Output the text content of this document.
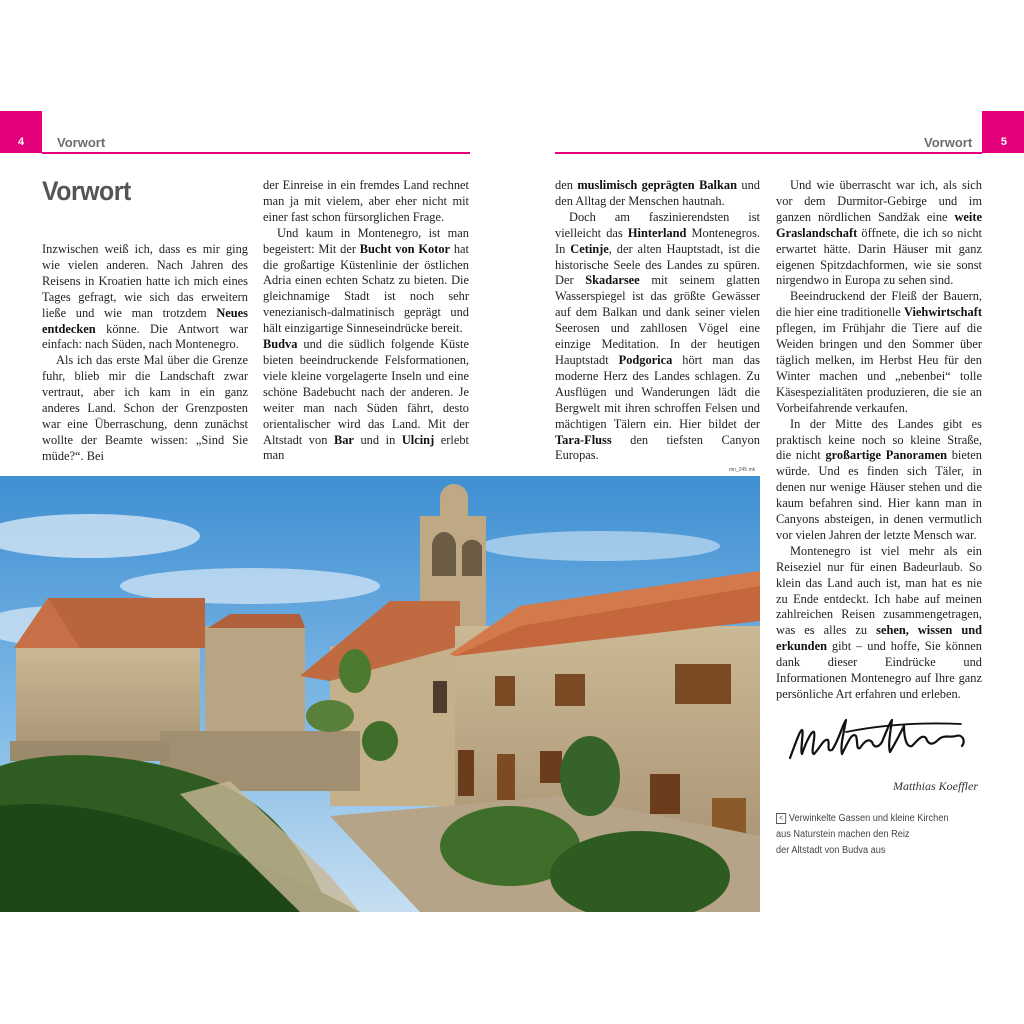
4	Vorwort	5
Vorwort
Vorwort

Inzwischen weiß ich, dass es mir ging wie vielen anderen. Nach Jahren des Reisens in Kroatien hatte ich mich eines Tages gefragt, wie sich das erweitern ließe und wie man trotzdem Neues entdecken könne. Die Antwort war einfach: nach Süden, nach Montenegro.

Als ich das erste Mal über die Grenze fuhr, blieb mir die Landschaft zwar vertraut, aber ich kam in ein ganz anderes Land. Schon der Grenzposten war eine Überraschung, denn zunächst wollte der Beamte wissen: „Sind Sie müde?“. Bei

der Einreise in ein fremdes Land rechnet man ja mit vielem, aber eher nicht mit einer fast schon fürsorglichen Frage.

Und kaum in Montenegro, ist man begeistert: Mit der Bucht von Kotor hat die großartige Küstenlinie der östlichen Adria einen echten Schatz zu bieten. Die gleichnamige Stadt ist noch sehr venezianisch-dalmatinisch geprägt und hält einzigartige Sinneseindrücke bereit.

Budva und die südlich folgende Küste bieten beeindruckende Felsformationen, viele kleine vorgelagerte Inseln und eine schöne Badebucht nach der anderen. Je weiter man nach Süden fährt, desto orientalischer wird das Land. Mit der Altstadt von Bar und in Ulcinj erlebt man

den muslimisch geprägten Balkan und den Alltag der Menschen hautnah.

Doch am faszinierendsten ist vielleicht das Hinterland Montenegros. In Cetinje, der alten Hauptstadt, ist die historische Seele des Landes zu spüren. Der Skadarsee mit seinem glatten Wasserspiegel ist das größte Gewässer auf dem Balkan und dank seiner vielen Seerosen und zahllosen Vögel eine einzige Meditation. In der heutigen Hauptstadt Podgorica hört man das moderne Herz des Landes schlagen. Zu Ausflügen und Wanderungen lädt die Bergwelt mit ihren schroffen Felsen und mächtigen Tälern ein. Hier bildet der Tara-Fluss den tiefsten Canyon Europas.

Und wie überrascht war ich, als sich vor dem Durmitor-Gebirge und im ganzen nördlichen Sandžak eine weite Graslandschaft öffnete, die ich so nicht erwartet hätte. Darin Häuser mit ganz eigenen Spitzdachformen, wie sie sonst nirgendwo in Europa zu sehen sind.

Beeindruckend der Fleiß der Bauern, die hier eine traditionelle Viehwirtschaft pflegen, im Frühjahr die Tiere auf die Weiden bringen und den Sommer über täglich melken, im Herbst Heu für den Winter machen und „nebenbei“ tolle Käsespezialitäten produzieren, die sie an Vorbeifahrende verkaufen.

In der Mitte des Landes gibt es praktisch keine noch so kleine Straße, die nicht großartige Panoramen bieten würde. Und es finden sich Täler, in denen nur wenige Häuser stehen und die kaum befahren sind. Hier kann man in Canyons absteigen, in denen vermutlich vor vielen Jahren der letzte Mensch war.

Montenegro ist viel mehr als ein Reiseziel nur für einen Badeurlaub. So klein das Land auch ist, man hat es nie zu Ende entdeckt. Ich habe auf meinen zahlreichen Reisen zusammengetragen, was es alles zu sehen, wissen und erkunden gibt – und hoffe, Sie können dank dieser Eindrücke und Informationen Montenegro auf Ihre ganz persönliche Art erfahren und erleben.

mn_245 mk
Matthias Koeffler
< Verwinkelte Gassen und kleine Kirchen
aus Naturstein machen den Reiz
der Altstadt von Budva aus
